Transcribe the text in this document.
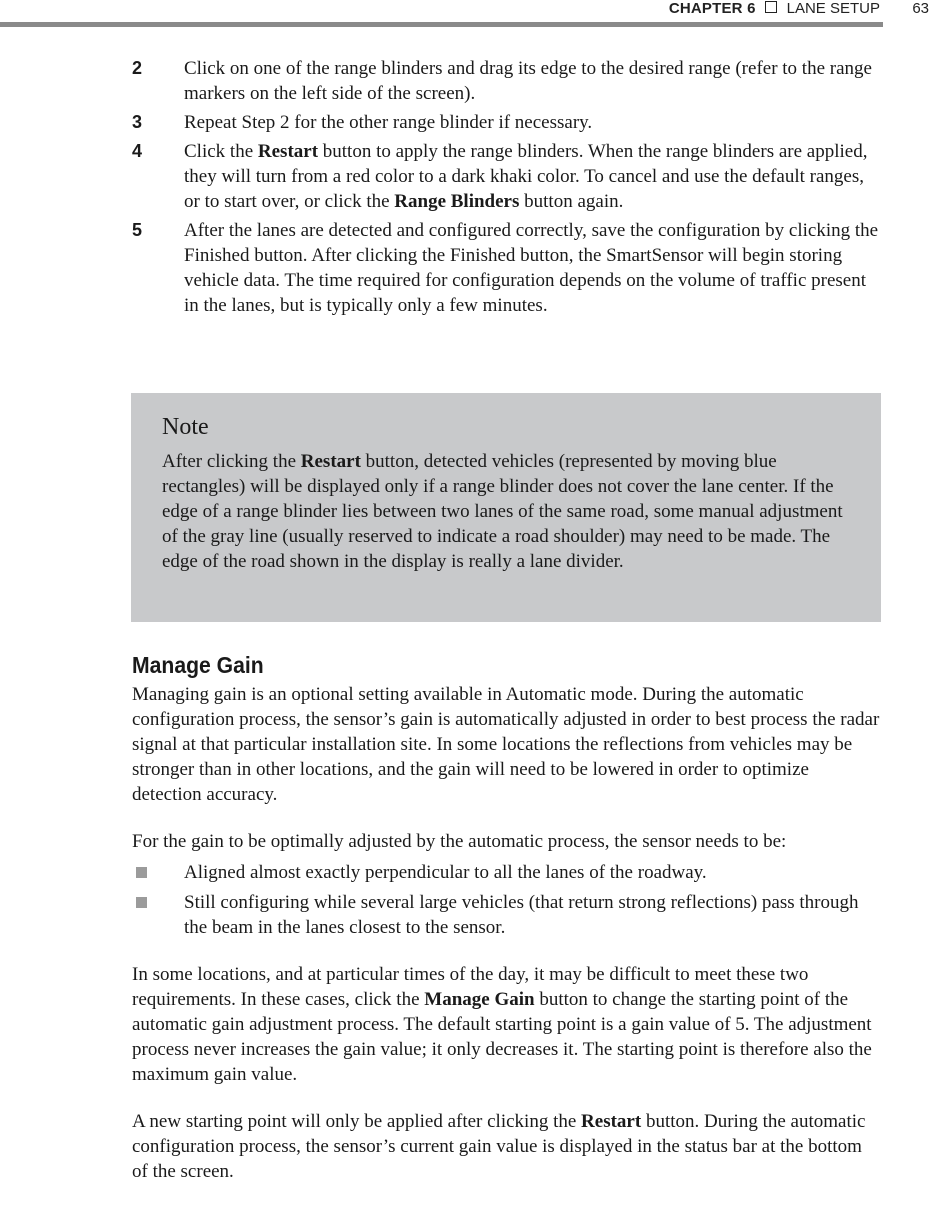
CHAPTER 6 LANE SETUP 63
2 Click on one of the range blinders and drag its edge to the desired range (refer to the range markers on the left side of the screen).
3 Repeat Step 2 for the other range blinder if necessary.
4 Click the Restart button to apply the range blinders. When the range blinders are applied, they will turn from a red color to a dark khaki color. To cancel and use the default ranges, or to start over, or click the Range Blinders button again.
5 After the lanes are detected and configured correctly, save the configuration by clicking the Finished button. After clicking the Finished button, the SmartSensor will begin storing vehicle data. The time required for configuration depends on the volume of traffic present in the lanes, but is typically only a few minutes.
Note
After clicking the Restart button, detected vehicles (represented by moving blue rectangles) will be displayed only if a range blinder does not cover the lane center. If the edge of a range blinder lies between two lanes of the same road, some manual adjustment of the gray line (usually reserved to indicate a road shoulder) may need to be made. The edge of the road shown in the display is really a lane divider.
Manage Gain

Managing gain is an optional setting available in Automatic mode. During the automatic configuration process, the sensor’s gain is automatically adjusted in order to best process the radar signal at that particular installation site. In some locations the reflections from vehicles may be stronger than in other locations, and the gain will need to be lowered in order to optimize detection accuracy.

For the gain to be optimally adjusted by the automatic process, the sensor needs to be:

Aligned almost exactly perpendicular to all the lanes of the roadway.
Still configuring while several large vehicles (that return strong reflections) pass through the beam in the lanes closest to the sensor.

In some locations, and at particular times of the day, it may be difficult to meet these two requirements. In these cases, click the Manage Gain button to change the starting point of the automatic gain adjustment process. The default starting point is a gain value of 5. The adjustment process never increases the gain value; it only decreases it. The starting point is therefore also the maximum gain value.

A new starting point will only be applied after clicking the Restart button. During the automatic configuration process, the sensor’s current gain value is displayed in the status bar at the bottom of the screen.
